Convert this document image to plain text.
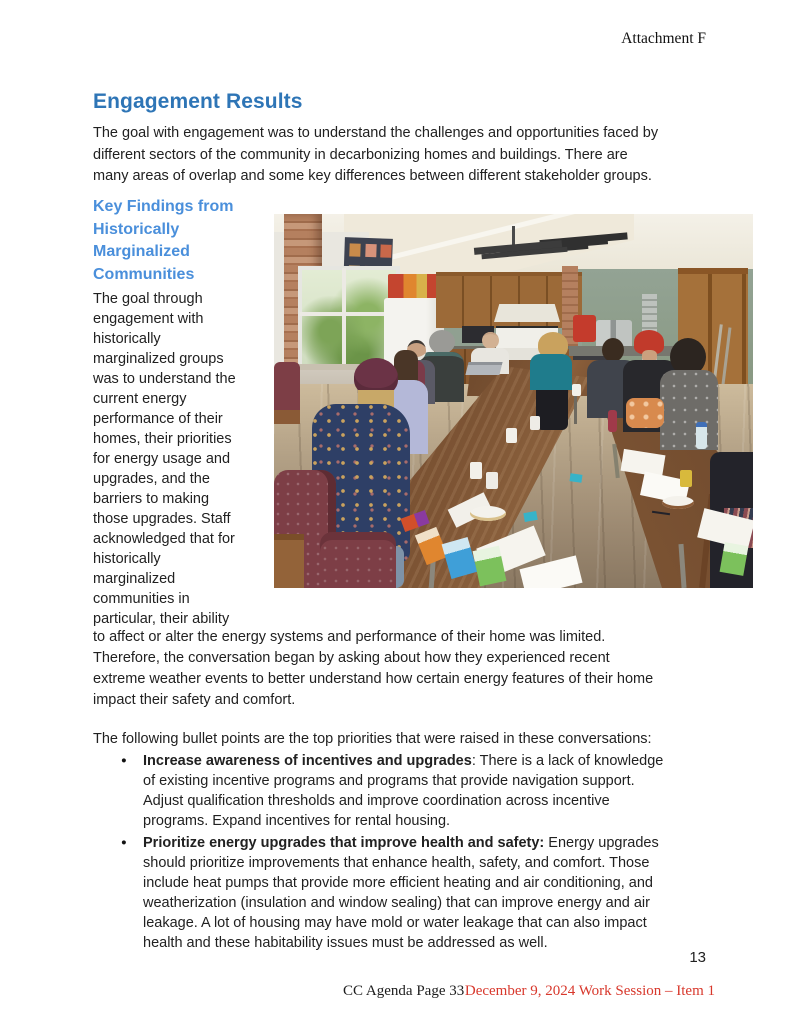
Attachment F
Engagement Results
The goal with engagement was to understand the challenges and opportunities faced by
different sectors of the community in decarbonizing homes and buildings. There are
many areas of overlap and some key differences between different stakeholder groups.
Key Findings from
Historically
Marginalized
Communities
The goal through
engagement with
historically
marginalized groups
was to understand the
current energy
performance of their
homes, their priorities
for energy usage and
upgrades, and the
barriers to making
those upgrades. Staff
acknowledged that for
historically
marginalized
communities in
particular, their ability
to affect or alter the energy systems and performance of their home was limited.
Therefore, the conversation began by asking about how they experienced recent
extreme weather events to better understand how certain energy features of their home
impact their safety and comfort.
The following bullet points are the top priorities that were raised in these conversations:
● Increase awareness of incentives and upgrades: There is a lack of knowledge
of existing incentive programs and programs that provide navigation support.
Adjust qualification thresholds and improve coordination across incentive
programs. Expand incentives for rental housing.
● Prioritize energy upgrades that improve health and safety: Energy upgrades
should prioritize improvements that enhance health, safety, and comfort. Those
include heat pumps that provide more efficient heating and air conditioning, and
weatherization (insulation and window sealing) that can improve energy and air
leakage. A lot of housing may have mold or water leakage that can also impact
health and these habitability issues must be addressed as well.
13
CC Agenda Page 33 December 9, 2024 Work Session – Item 1
